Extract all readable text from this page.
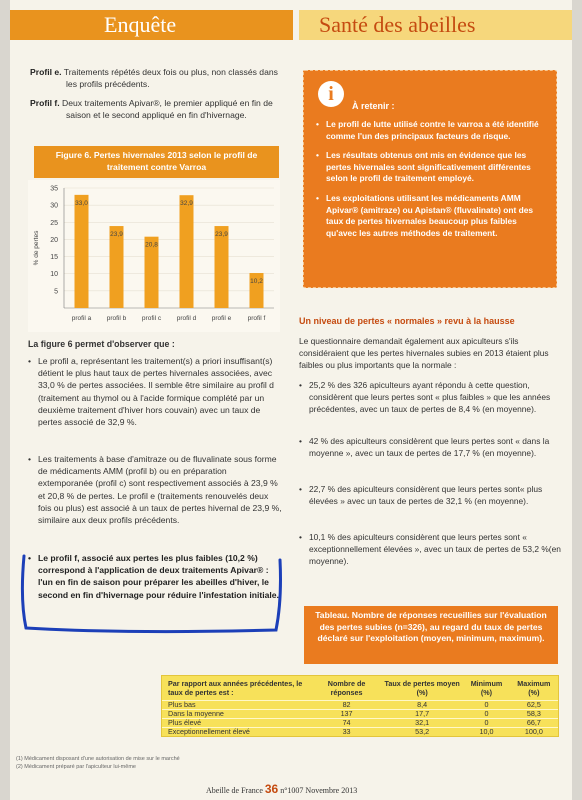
Enquête	Santé des abeilles
Profil e. Traitements répétés deux fois ou plus, non classés dans les profils précédents.
Profil f. Deux traitements Apivar®, le premier appliqué en fin de saison et le second appliqué en fin d'hivernage.
Figure 6. Pertes hivernales 2013 selon le profil de traitement contre Varroa
5
10
15
20
25
30
35
% de pertes
33,0
profil a
23,9
profil b
20,8
profil c
32,9
profil d
23,9
profil e
10,2
profil f
La figure 6 permet d'observer que :
• Le profil a, représentant les traitement(s) a priori insuffisant(s) détient le plus haut taux de pertes hivernales associées, avec 33,0 % de pertes associées. Il semble être similaire au profil d (traitement au thymol ou à l'acide formique complété par un deuxième traitement d'hiver hors couvain) avec un taux de pertes associé de 32,9 %.
• Les traitements à base d'amitraze ou de fluvalinate sous forme de médicaments AMM (profil b) ou en préparation extemporanée (profil c) sont respectivement associés à 23,9 % et 20,8 % de pertes. Le profil e (traitements renouvelés deux fois ou plus) est associé à un taux de pertes hivernal de 23,9 %, similaire aux deux profils précédents.
• Le profil f, associé aux pertes les plus faibles (10,2 %) correspond à l'application de deux traitements Apivar® : l'un en fin de saison pour préparer les abeilles d'hiver, le second en fin d'hivernage pour réduire l'infestation initiale.
i
À retenir :
• Le profil de lutte utilisé contre le varroa a été identifié comme l'un des principaux facteurs de risque.
• Les résultats obtenus ont mis en évidence que les pertes hivernales sont significativement différentes selon le profil de traitement employé.
• Les exploitations utilisant les médicaments AMM Apivar® (amitraze) ou Apistan® (fluvalinate) ont des taux de pertes hivernales beaucoup plus faibles qu'avec les autres méthodes de traitement.
Un niveau de pertes « normales » revu à la hausse
Le questionnaire demandait également aux apiculteurs s'ils considéraient que les pertes hivernales subies en 2013 étaient plus faibles ou plus importants que la normale :
• 25,2 % des 326 apiculteurs ayant répondu à cette question, considèrent que leurs pertes sont « plus faibles » que les années précédentes, avec un taux de pertes de 8,4 % (en moyenne).
• 42 % des apiculteurs considèrent que leurs pertes sont « dans la moyenne », avec un taux de pertes de 17,7 % (en moyenne).
• 22,7 % des apiculteurs considèrent que leurs pertes sont« plus élevées » avec un taux de pertes de 32,1 % (en moyenne).
• 10,1 % des apiculteurs considèrent que leurs pertes sont « exceptionnellement élevées », avec un taux de pertes de 53,2 %(en moyenne).
Tableau. Nombre de réponses recueillies sur l'évaluation des pertes subies (n=326), au regard du taux de pertes déclaré sur l'exploitation (moyen, minimum, maximum).
Par rapport aux années précédentes, le taux de pertes est :	Nombre de réponses	Taux de pertes moyen (%)	Minimum (%)	Maximum (%)
Plus bas	82	8,4	0	62,5
Dans la moyenne	137	17,7	0	58,3
Plus élevé	74	32,1	0	66,7
Exceptionnellement élevé	33	53,2	10,0	100,0
(1) Médicament disposant d'une autorisation de mise sur le marché
(2) Médicament préparé par l'apiculteur lui-même
Abeille de France 36 n°1007 Novembre 2013
